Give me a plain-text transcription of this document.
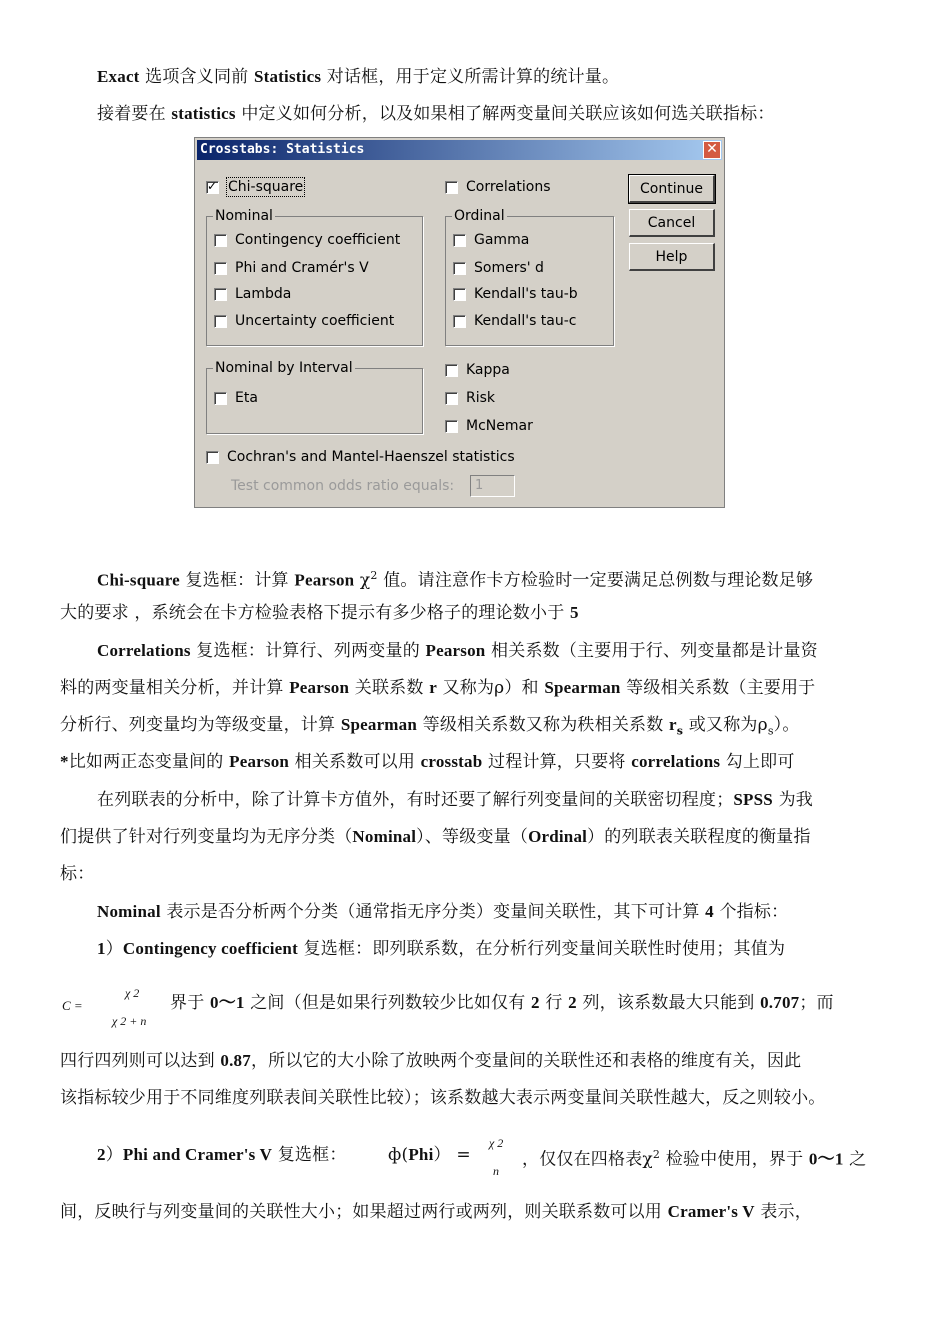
Exact 选项含义同前 Statistics 对话框，用于定义所需计算的统计量。
接着要在 statistics 中定义如何分析，以及如果相了解两变量间关联应该如何选关联指标：
Crosstabs: Statistics	✕
✓ Chi-square	Correlations
Nominal
Contingency coefficient
Phi and Cramér's V
Lambda
Uncertainty coefficient
Ordinal
Gamma
Somers' d
Kendall's tau-b
Kendall's tau-c
Nominal by Interval
Eta
Kappa
Risk
McNemar
Cochran's and Mantel-Haenszel statistics
Test common odds ratio equals:	1
Continue
Cancel
Help
Chi-square 复选框：计算 Pearson $\chi^2$ 值。请注意作卡方检验时一定要满足总例数与理论数足够
大的要求 ，系统会在卡方检验表格下提示有多少格子的理论数小于 5
Correlations 复选框：计算行、列两变量的 Pearson 相关系数（主要用于行、列变量都是计量资
料的两变量相关分析，并计算 Pearson 关联系数 r 又称为ρ）和 Spearman 等级相关系数（主要用于
分析行、列变量均为等级变量，计算 Spearman 等级相关系数又称为秩相关系数 $r_s$ 或又称为$\rho_s$）。
*比如两正态变量间的 Pearson 相关系数可以用 crosstab 过程计算，只要将 correlations 勾上即可
在列联表的分析中，除了计算卡方值外，有时还要了解行列变量间的关联密切程度；SPSS 为我
们提供了针对行列变量均为无序分类（Nominal）、等级变量（Ordinal）的列联表关联程度的衡量指
标：
Nominal 表示是否分析两个分类（通常指无序分类）变量间关联性，其下可计算 4 个指标：
1）Contingency coefficient 复选框：即列联系数，在分析行列变量间关联性时使用；其值为
C =
χ 2
χ 2 + n
界于 0～1 之间（但是如果行列数较少比如仅有 2 行 2 列，该系数最大只能到 0.707；而
四行四列则可以达到 0.87，所以它的大小除了放映两个变量间的关联性还和表格的维度有关，因此
该指标较少用于不同维度列联表间关联性比较）；该系数越大表示两变量间关联性越大，反之则较小。
2）Phi and Cramer's V 复选框： ф(Phi） =
χ 2
n
，仅仅在四格表$\chi^2$ 检验中使用，界于 0～1 之
间，反映行与列变量间的关联性大小；如果超过两行或两列，则关联系数可以用 Cramer's V 表示，
